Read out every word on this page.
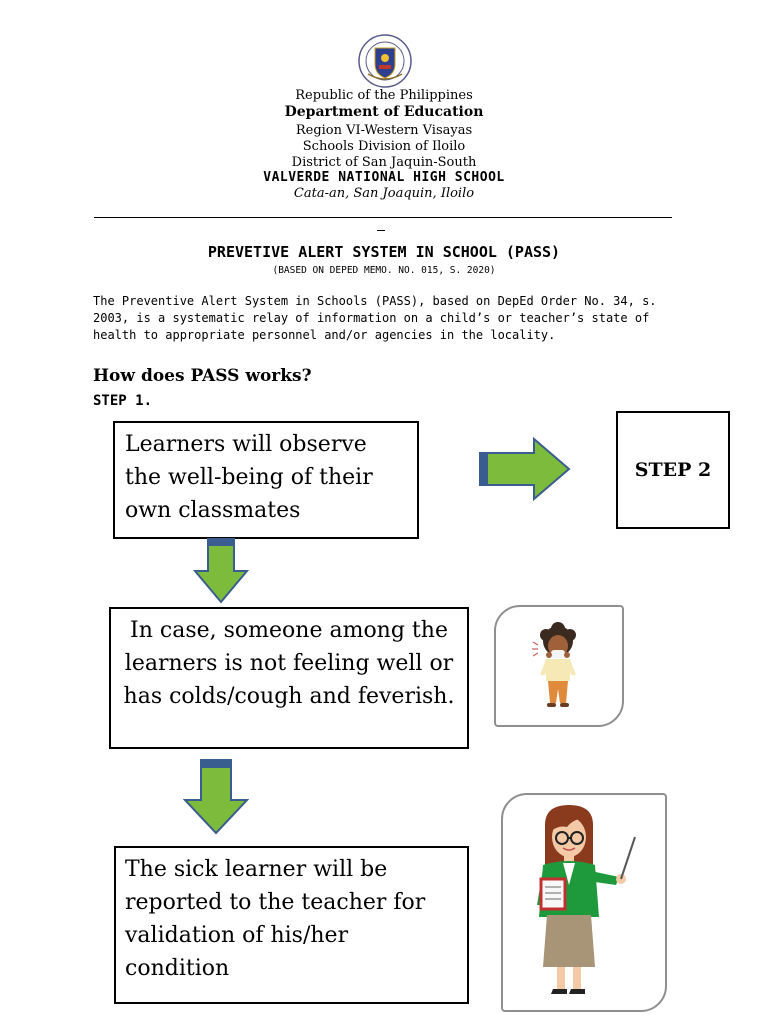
Republic of the Philippines
Department of Education
Region VI-Western Visayas
Schools Division of Iloilo
District of San Jaquin-South
VALVERDE NATIONAL HIGH SCHOOL
Cata-an, San Joaquin, Iloilo
PREVETIVE ALERT SYSTEM IN SCHOOL (PASS)
(BASED ON DEPED MEMO. NO. 015, S. 2020)
The Preventive Alert System in Schools (PASS), based on DepEd Order No. 34, s. 2003, is a systematic relay of information on a child’s or teacher’s state of health to appropriate personnel and/or agencies in the locality.
How does PASS works?
STEP 1.
Learners will observe the well-being of their own classmates
STEP 2
In case, someone among the learners is not feeling well or has colds/cough and feverish.
The sick learner will be reported to the teacher for validation of his/her condition
